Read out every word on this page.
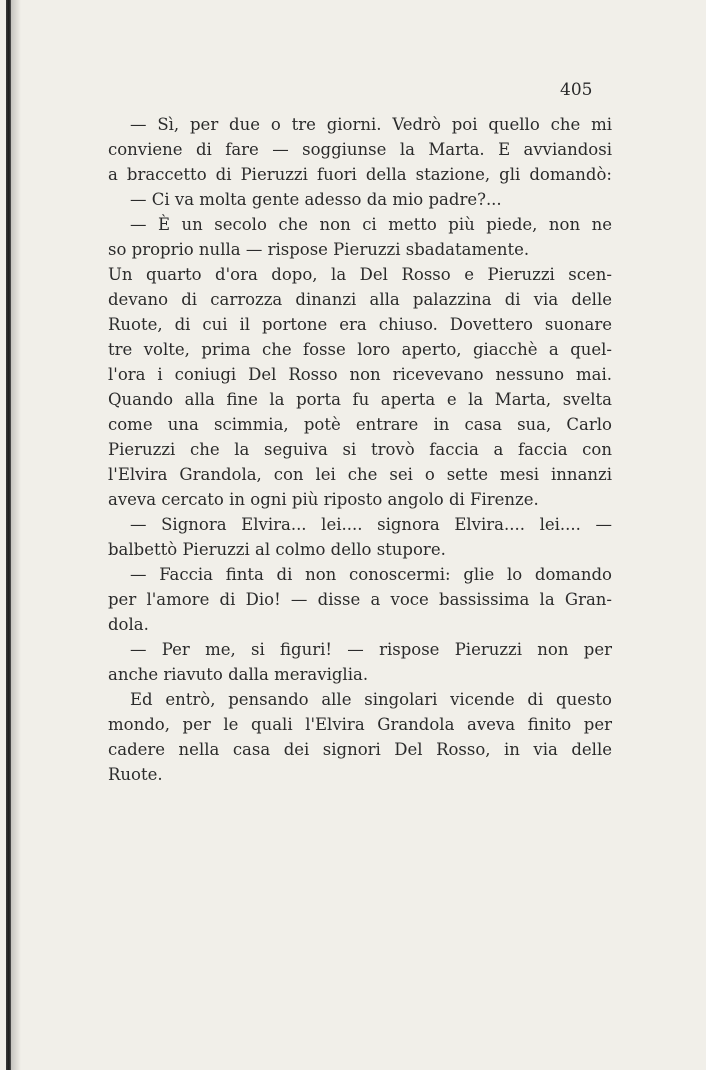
405
— Sì, per due o tre giorni. Vedrò poi quello che mi
conviene di fare — soggiunse la Marta. E avviandosi
a braccetto di Pieruzzi fuori della stazione, gli domandò:
— Ci va molta gente adesso da mio padre?...
— È un secolo che non ci metto più piede, non ne
so proprio nulla — rispose Pieruzzi sbadatamente.
Un quarto d'ora dopo, la Del Rosso e Pieruzzi scen-
devano di carrozza dinanzi alla palazzina di via delle
Ruote, di cui il portone era chiuso. Dovettero suonare
tre volte, prima che fosse loro aperto, giacchè a quel-
l'ora i coniugi Del Rosso non ricevevano nessuno mai.
Quando alla fine la porta fu aperta e la Marta, svelta
come una scimmia, potè entrare in casa sua, Carlo
Pieruzzi che la seguiva si trovò faccia a faccia con
l'Elvira Grandola, con lei che sei o sette mesi innanzi
aveva cercato in ogni più riposto angolo di Firenze.
— Signora Elvira... lei.... signora Elvira.... lei.... —
balbettò Pieruzzi al colmo dello stupore.
— Faccia finta di non conoscermi: glie lo domando
per l'amore di Dio! — disse a voce bassissima la Gran-
dola.
— Per me, si figuri! — rispose Pieruzzi non per
anche riavuto dalla meraviglia.
Ed entrò, pensando alle singolari vicende di questo
mondo, per le quali l'Elvira Grandola aveva finito per
cadere nella casa dei signori Del Rosso, in via delle
Ruote.
